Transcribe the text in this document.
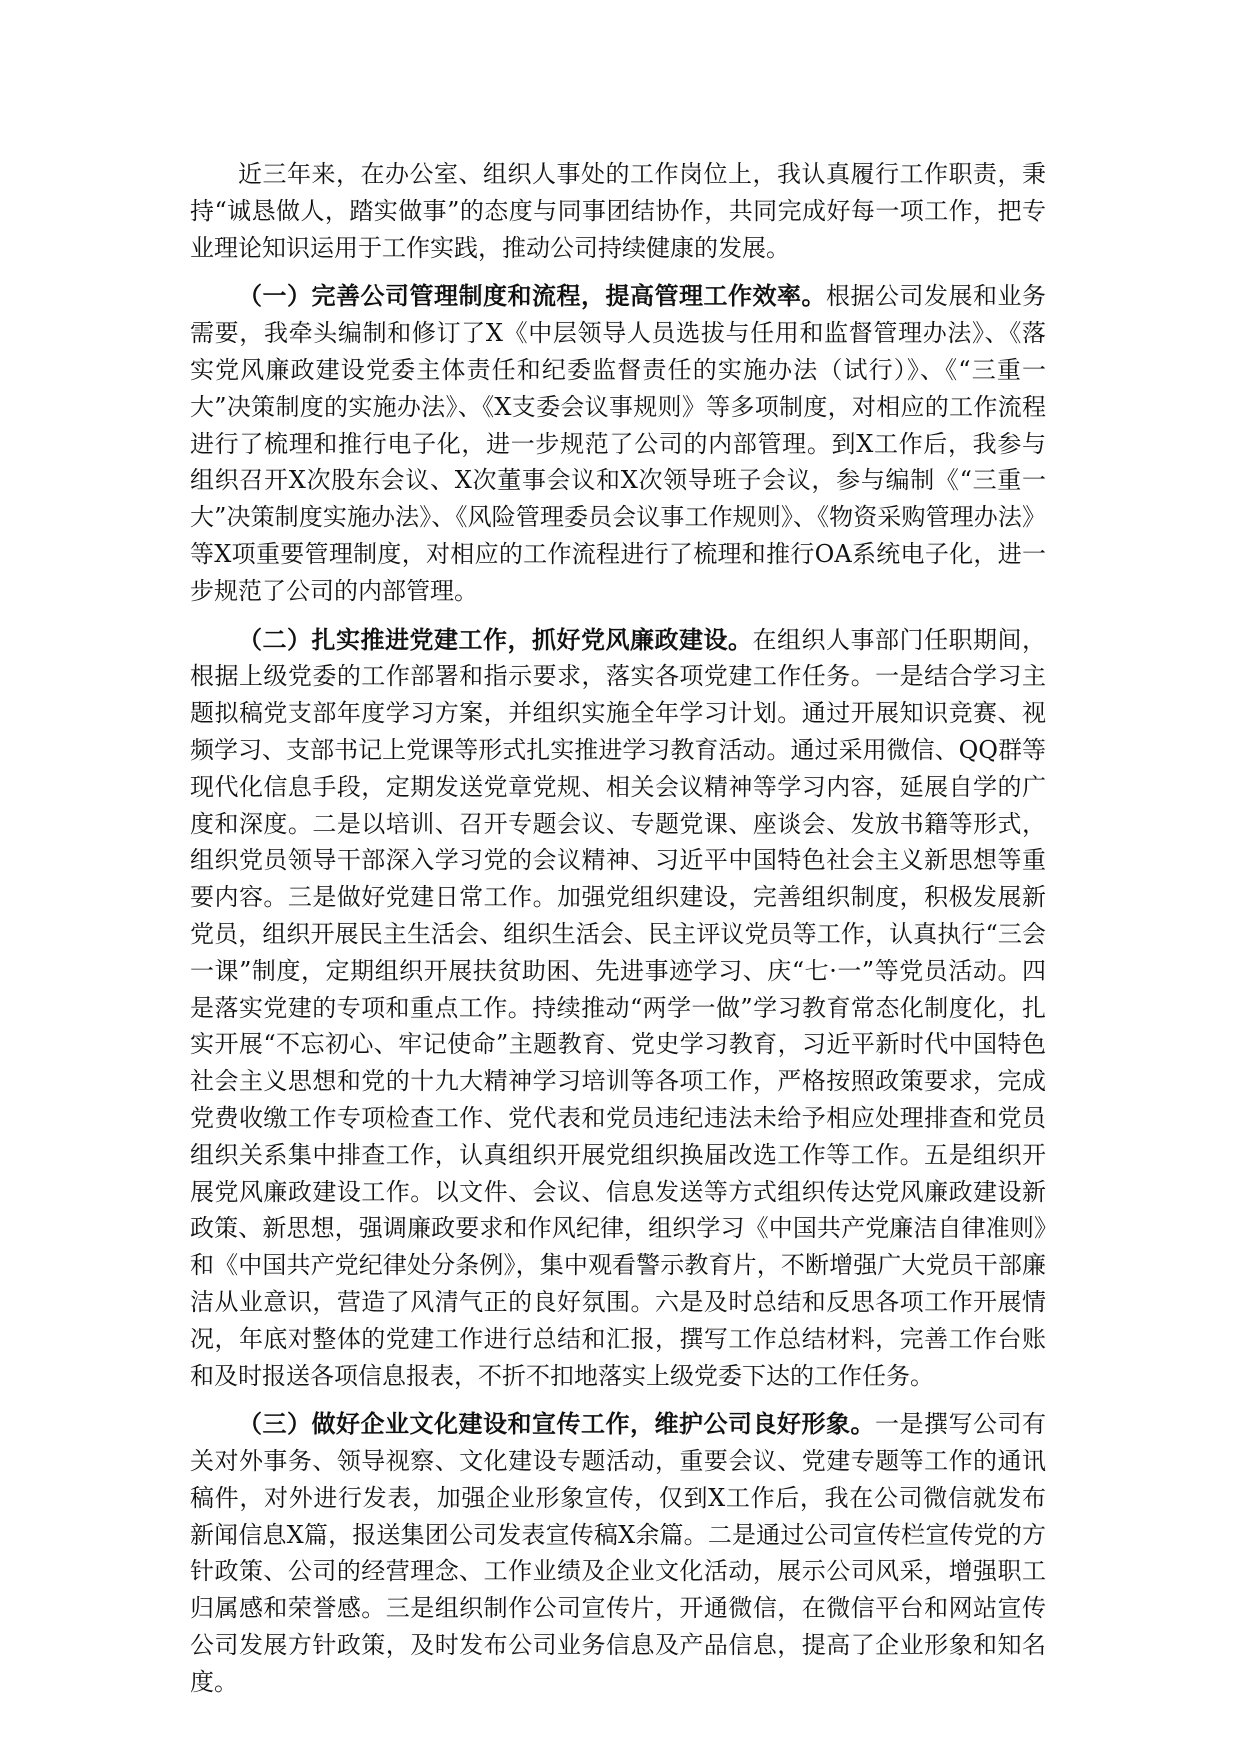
近三年来，在办公室、组织人事处的工作岗位上，我认真履行工作职责，秉持“诚恳做人，踏实做事”的态度与同事团结协作，共同完成好每一项工作，把专业理论知识运用于工作实践，推动公司持续健康的发展。

（一）完善公司管理制度和流程，提高管理工作效率。根据公司发展和业务需要，我牵头编制和修订了X《中层领导人员选拔与任用和监督管理办法》、《落实党风廉政建设党委主体责任和纪委监督责任的实施办法（试行）》、《“三重一大”决策制度的实施办法》、《X支委会议事规则》等多项制度，对相应的工作流程进行了梳理和推行电子化，进一步规范了公司的内部管理。到X工作后，我参与组织召开X次股东会议、X次董事会议和X次领导班子会议，参与编制《“三重一大”决策制度实施办法》、《风险管理委员会议事工作规则》、《物资采购管理办法》等X项重要管理制度，对相应的工作流程进行了梳理和推行OA系统电子化，进一步规范了公司的内部管理。

（二）扎实推进党建工作，抓好党风廉政建设。在组织人事部门任职期间，根据上级党委的工作部署和指示要求，落实各项党建工作任务。一是结合学习主题拟稿党支部年度学习方案，并组织实施全年学习计划。通过开展知识竞赛、视频学习、支部书记上党课等形式扎实推进学习教育活动。通过采用微信、QQ群等现代化信息手段，定期发送党章党规、相关会议精神等学习内容，延展自学的广度和深度。二是以培训、召开专题会议、专题党课、座谈会、发放书籍等形式，组织党员领导干部深入学习党的会议精神、习近平中国特色社会主义新思想等重要内容。三是做好党建日常工作。加强党组织建设，完善组织制度，积极发展新党员，组织开展民主生活会、组织生活会、民主评议党员等工作，认真执行“三会一课”制度，定期组织开展扶贫助困、先进事迹学习、庆“七·一”等党员活动。四是落实党建的专项和重点工作。持续推动“两学一做”学习教育常态化制度化，扎实开展“不忘初心、牢记使命”主题教育、党史学习教育，习近平新时代中国特色社会主义思想和党的十九大精神学习培训等各项工作，严格按照政策要求，完成党费收缴工作专项检查工作、党代表和党员违纪违法未给予相应处理排查和党员组织关系集中排查工作，认真组织开展党组织换届改选工作等工作。五是组织开展党风廉政建设工作。以文件、会议、信息发送等方式组织传达党风廉政建设新政策、新思想，强调廉政要求和作风纪律，组织学习《中国共产党廉洁自律准则》和《中国共产党纪律处分条例》，集中观看警示教育片，不断增强广大党员干部廉洁从业意识，营造了风清气正的良好氛围。六是及时总结和反思各项工作开展情况，年底对整体的党建工作进行总结和汇报，撰写工作总结材料，完善工作台账和及时报送各项信息报表，不折不扣地落实上级党委下达的工作任务。

（三）做好企业文化建设和宣传工作，维护公司良好形象。一是撰写公司有关对外事务、领导视察、文化建设专题活动，重要会议、党建专题等工作的通讯稿件，对外进行发表，加强企业形象宣传，仅到X工作后，我在公司微信就发布新闻信息X篇，报送集团公司发表宣传稿X余篇。二是通过公司宣传栏宣传党的方针政策、公司的经营理念、工作业绩及企业文化活动，展示公司风采，增强职工归属感和荣誉感。三是组织制作公司宣传片，开通微信，在微信平台和网站宣传公司发展方针政策，及时发布公司业务信息及产品信息，提高了企业形象和知名度。
